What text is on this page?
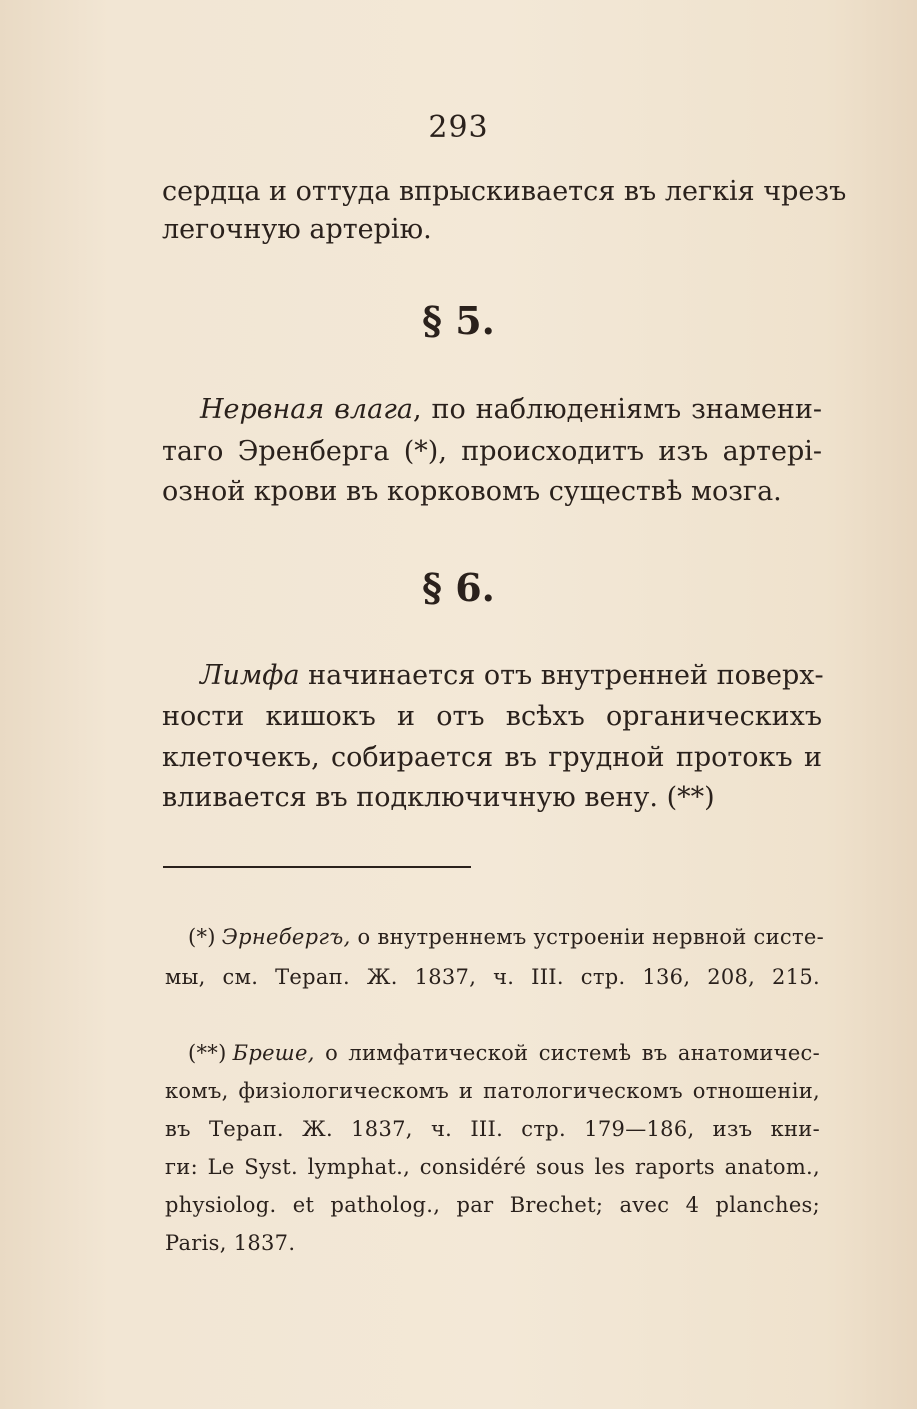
293
сердца и оттуда впрыскивается въ легкія чрезъ
легочную артерію.
§ 5.
Нервная влага, по наблюденіямъ знамени-
таго Эренберга (*), происходитъ изъ артері-
озной крови въ корковомъ существѣ мозга.
§ 6.
Лимфа начинается отъ внутренней поверх-
ности кишокъ и отъ всѣхъ органическихъ
клеточекъ, собирается въ грудной протокъ и
вливается въ подключичную вену. (**)
(*) Эрнебергъ, о внутреннемъ устроеніи нервной систе-
мы, см. Терап. Ж. 1837, ч. III. стр. 136, 208, 215.
(**) Бреше, о лимфатической системѣ въ анатомичес-
комъ, физіологическомъ и патологическомъ отношеніи,
въ Терап. Ж. 1837, ч. III. стр. 179—186, изъ кни-
ги: Le Syst. lymphat., considéré sous les raports anatom.,
physiolog. et patholog., par Brechet; avec 4 planches;
Paris, 1837.
